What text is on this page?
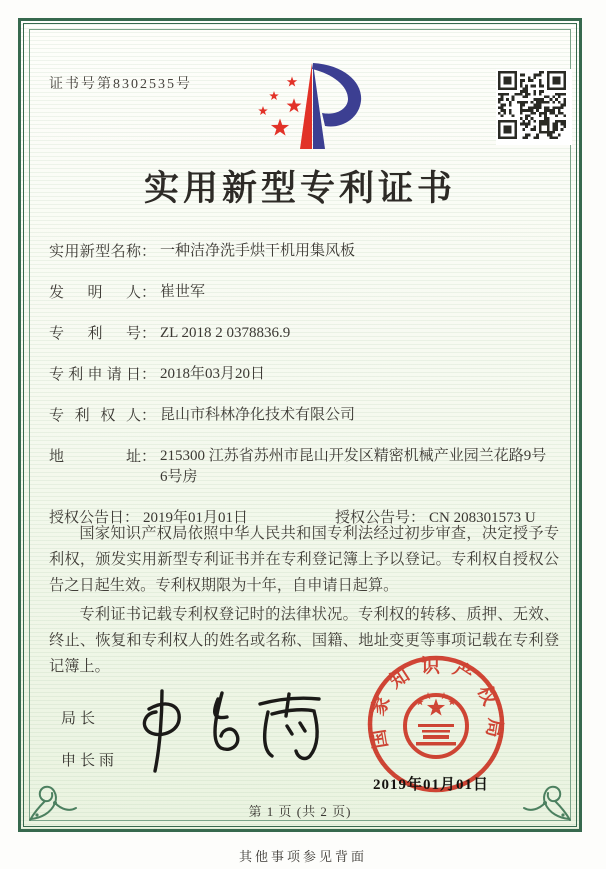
证书号第8302535号
实用新型专利证书
实用新型名称： 一种洁净洗手烘干机用集风板
发明人： 崔世军
专利号： ZL 2018 2 0378836.9
专利申请日： 2018年03月20日
专利权人： 昆山市科林净化技术有限公司
地址： 215300 江苏省苏州市昆山开发区精密机械产业园兰花路9号6号房
授权公告日： 2019年01月01日	授权公告号： CN 208301573 U

国家知识产权局依照中华人民共和国专利法经过初步审查，决定授予专利权，颁发实用新型专利证书并在专利登记簿上予以登记。专利权自授权公告之日起生效。专利权期限为十年，自申请日起算。

专利证书记载专利权登记时的法律状况。专利权的转移、质押、无效、终止、恢复和专利权人的姓名或名称、国籍、地址变更等事项记载在专利登记簿上。

局长
申长雨
国家知识产权局
2019年01月01日
第 1 页 (共 2 页)
其他事项参见背面
